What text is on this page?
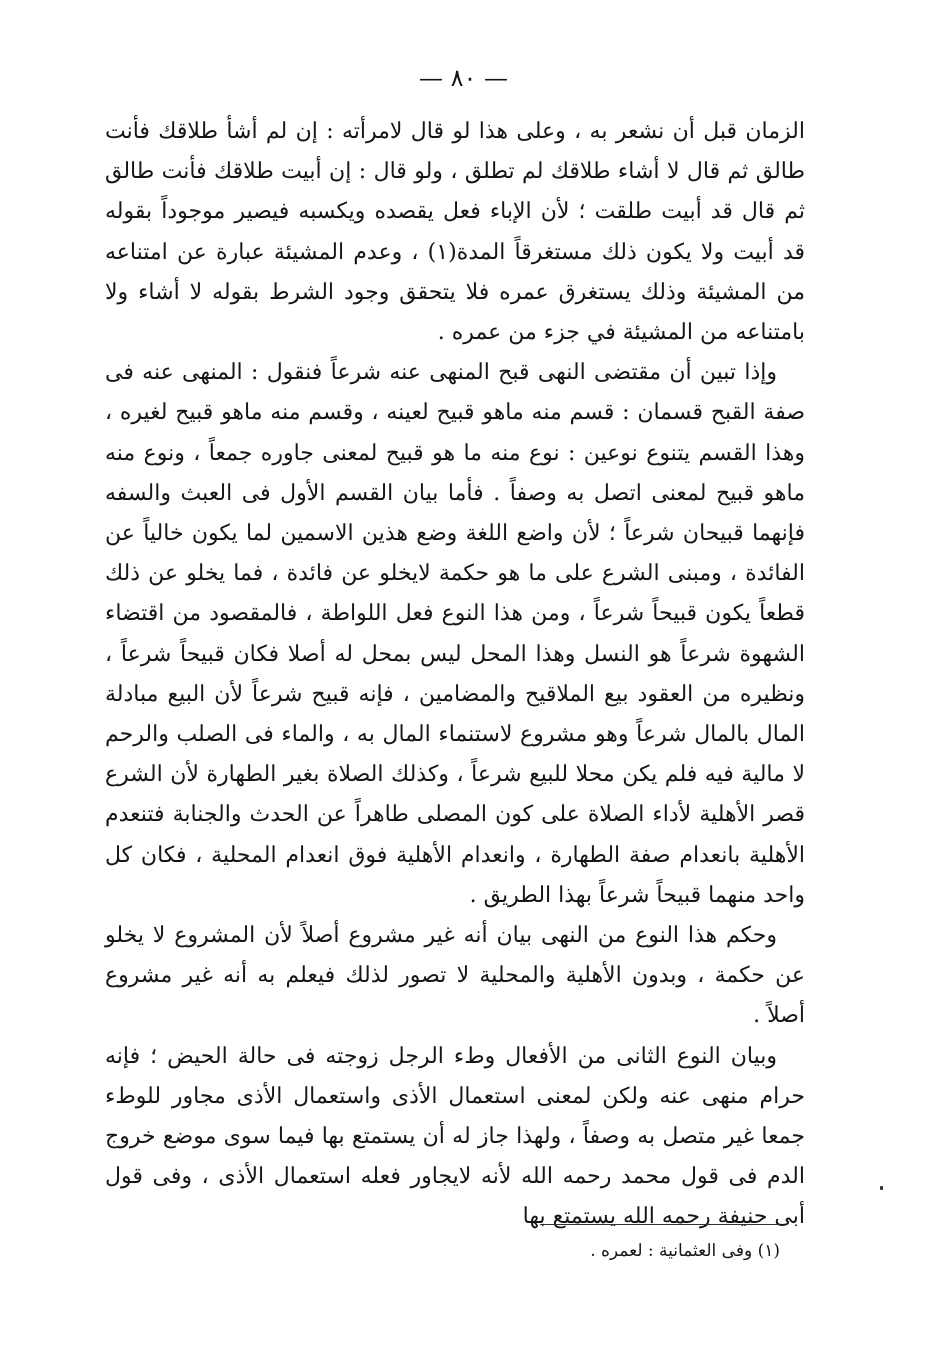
— ٨٠ —

الزمان قبل أن نشعر به ، وعلى هذا لو قال لامرأته : إن لم أشأ طلاقك فأنت طالق ثم قال لا أشاء طلاقك لم تطلق ، ولو قال : إن أبيت طلاقك فأنت طالق ثم قال قد أبيت طلقت ؛ لأن الإباء فعل يقصده ويكسبه فيصير موجوداً بقوله قد أبيت ولا يكون ذلك مستغرقاً المدة(١) ، وعدم المشيئة عبارة عن امتناعه من المشيئة وذلك يستغرق عمره فلا يتحقق وجود الشرط بقوله لا أشاء ولا بامتناعه من المشيئة في جزء من عمره .

وإذا تبين أن مقتضى النهى قبح المنهى عنه شرعاً فنقول : المنهى عنه فى صفة القبح قسمان : قسم منه ماهو قبيح لعينه ، وقسم منه ماهو قبيح لغيره ، وهذا القسم يتنوع نوعين : نوع منه ما هو قبيح لمعنى جاوره جمعاً ، ونوع منه ماهو قبيح لمعنى اتصل به وصفاً . فأما بيان القسم الأول فى العبث والسفه فإنهما قبيحان شرعاً ؛ لأن واضع اللغة وضع هذين الاسمين لما يكون خالياً عن الفائدة ، ومبنى الشرع على ما هو حكمة لايخلو عن فائدة ، فما يخلو عن ذلك قطعاً يكون قبيحاً شرعاً ، ومن هذا النوع فعل اللواطة ، فالمقصود من اقتضاء الشهوة شرعاً هو النسل وهذا المحل ليس بمحل له أصلا فكان قبيحاً شرعاً ، ونظيره من العقود بيع الملاقيح والمضامين ، فإنه قبيح شرعاً لأن البيع مبادلة المال بالمال شرعاً وهو مشروع لاستنماء المال به ، والماء فى الصلب والرحم لا مالية فيه فلم يكن محلا للبيع شرعاً ، وكذلك الصلاة بغير الطهارة لأن الشرع قصر الأهلية لأداء الصلاة على كون المصلى طاهراً عن الحدث والجنابة فتنعدم الأهلية بانعدام صفة الطهارة ، وانعدام الأهلية فوق انعدام المحلية ، فكان كل واحد منهما قبيحاً شرعاً بهذا الطريق .

وحكم هذا النوع من النهى بيان أنه غير مشروع أصلاً لأن المشروع لا يخلو عن حكمة ، وبدون الأهلية والمحلية لا تصور لذلك فيعلم به أنه غير مشروع أصلاً .

وبيان النوع الثانى من الأفعال وطء الرجل زوجته فى حالة الحيض ؛ فإنه حرام منهى عنه ولكن لمعنى استعمال الأذى واستعمال الأذى مجاور للوطء جمعا غير متصل به وصفاً ، ولهذا جاز له أن يستمتع بها فيما سوى موضع خروج الدم فى قول محمد رحمه الله لأنه لايجاور فعله استعمال الأذى ، وفى قول أبى حنيفة رحمه الله يستمتع بها

(١) وفى العثمانية : لعمره .
